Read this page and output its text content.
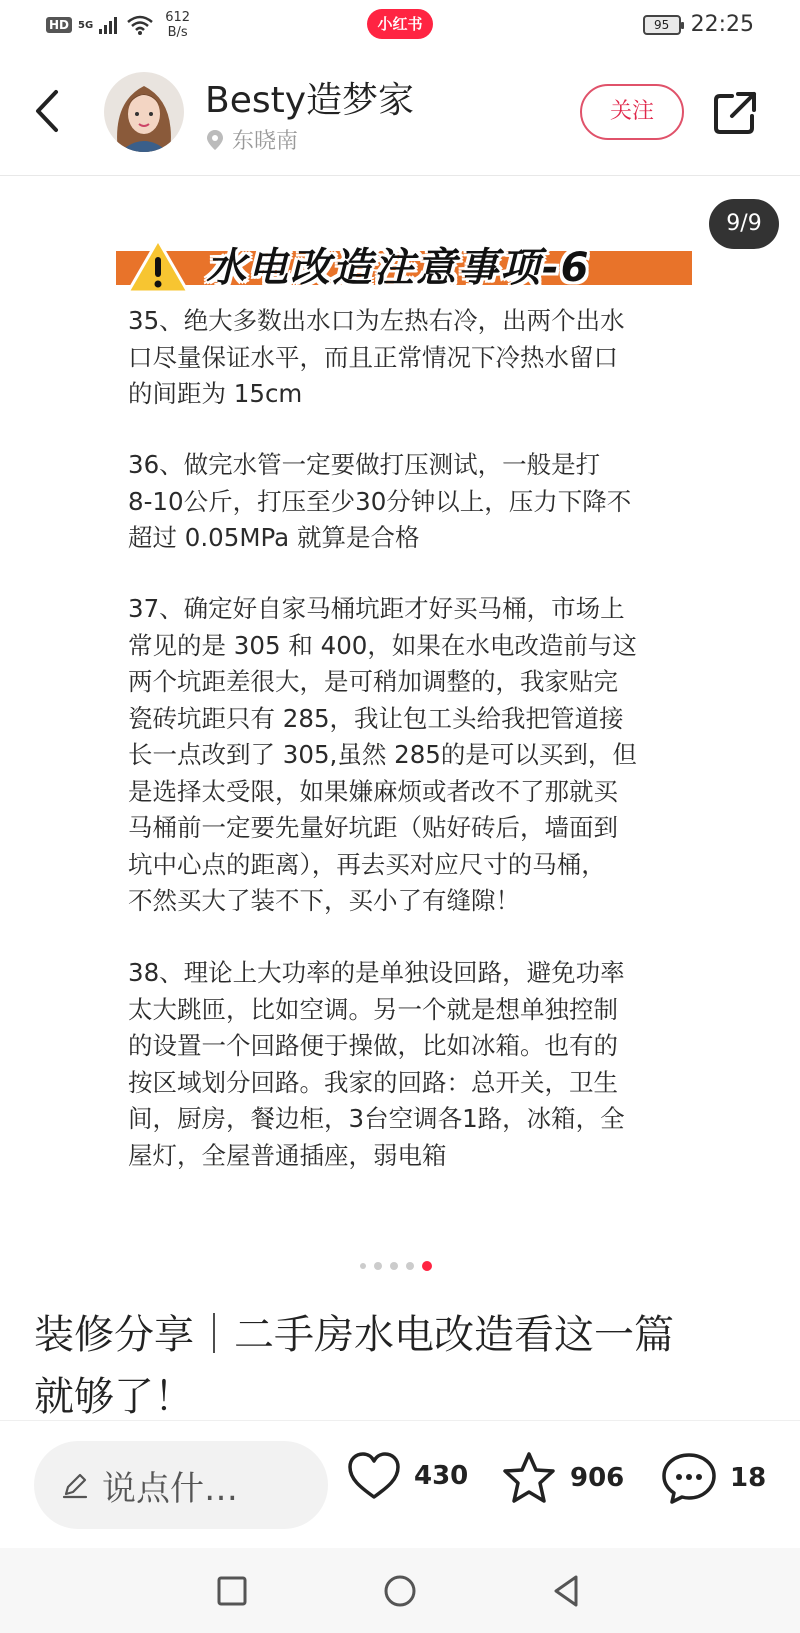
HD 5G	612
B/s	小红书	95 22:25
Besty造梦家
东晓南
关注
9/9
水电改造注意事项-6
35、绝大多数出水口为左热右冷，出两个出水
口尽量保证水平，而且正常情况下冷热水留口
的间距为 15cm
36、做完水管一定要做打压测试，一般是打
8-10公斤，打压至少30分钟以上，压力下降不
超过 0.05MPa 就算是合格
37、确定好自家马桶坑距才好买马桶，市场上
常见的是 305 和 400，如果在水电改造前与这
两个坑距差很大，是可稍加调整的，我家贴完
瓷砖坑距只有 285，我让包工头给我把管道接
长一点改到了 305,虽然 285的是可以买到，但
是选择太受限，如果嫌麻烦或者改不了那就买
马桶前一定要先量好坑距（贴好砖后，墙面到
坑中心点的距离），再去买对应尺寸的马桶，
不然买大了装不下，买小了有缝隙！
38、理论上大功率的是单独设回路，避免功率
太大跳匝，比如空调。另一个就是想单独控制
的设置一个回路便于操做，比如冰箱。也有的
按区域划分回路。我家的回路：总开关，卫生
间，厨房，餐边柜，3台空调各1路，冰箱，全
屋灯，全屋普通插座，弱电箱
装修分享｜二手房水电改造看这一篇
就够了！
说点什…	430	906	18
